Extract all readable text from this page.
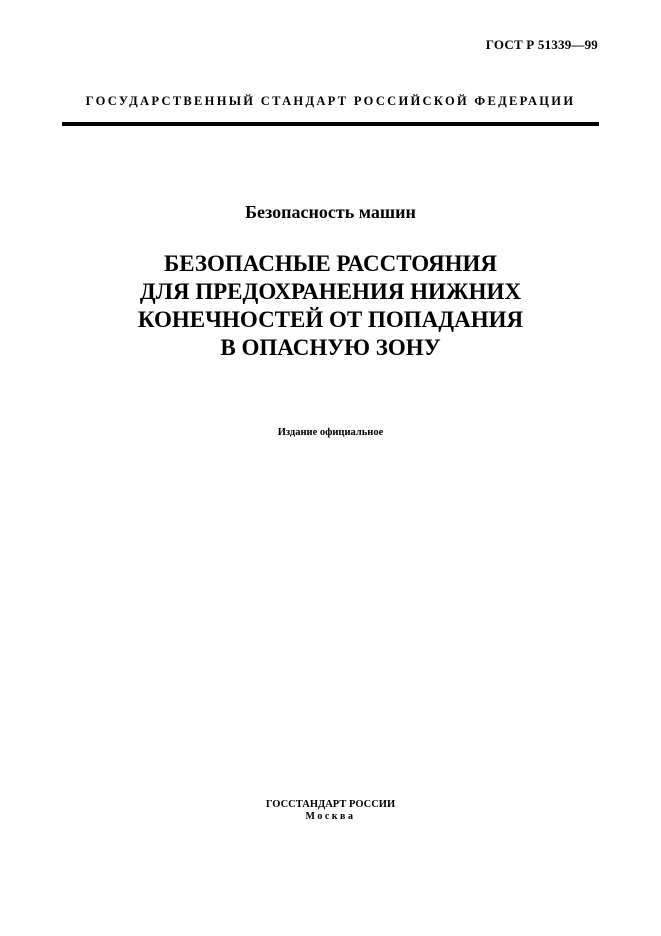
ГОСТ Р 51339—99
ГОСУДАРСТВЕННЫЙ СТАНДАРТ РОССИЙСКОЙ ФЕДЕРАЦИИ
Безопасность машин
БЕЗОПАСНЫЕ РАССТОЯНИЯ
ДЛЯ ПРЕДОХРАНЕНИЯ НИЖНИХ
КОНЕЧНОСТЕЙ ОТ ПОПАДАНИЯ
В ОПАСНУЮ ЗОНУ
Издание официальное
ГОССТАНДАРТ РОССИИ
Москва
